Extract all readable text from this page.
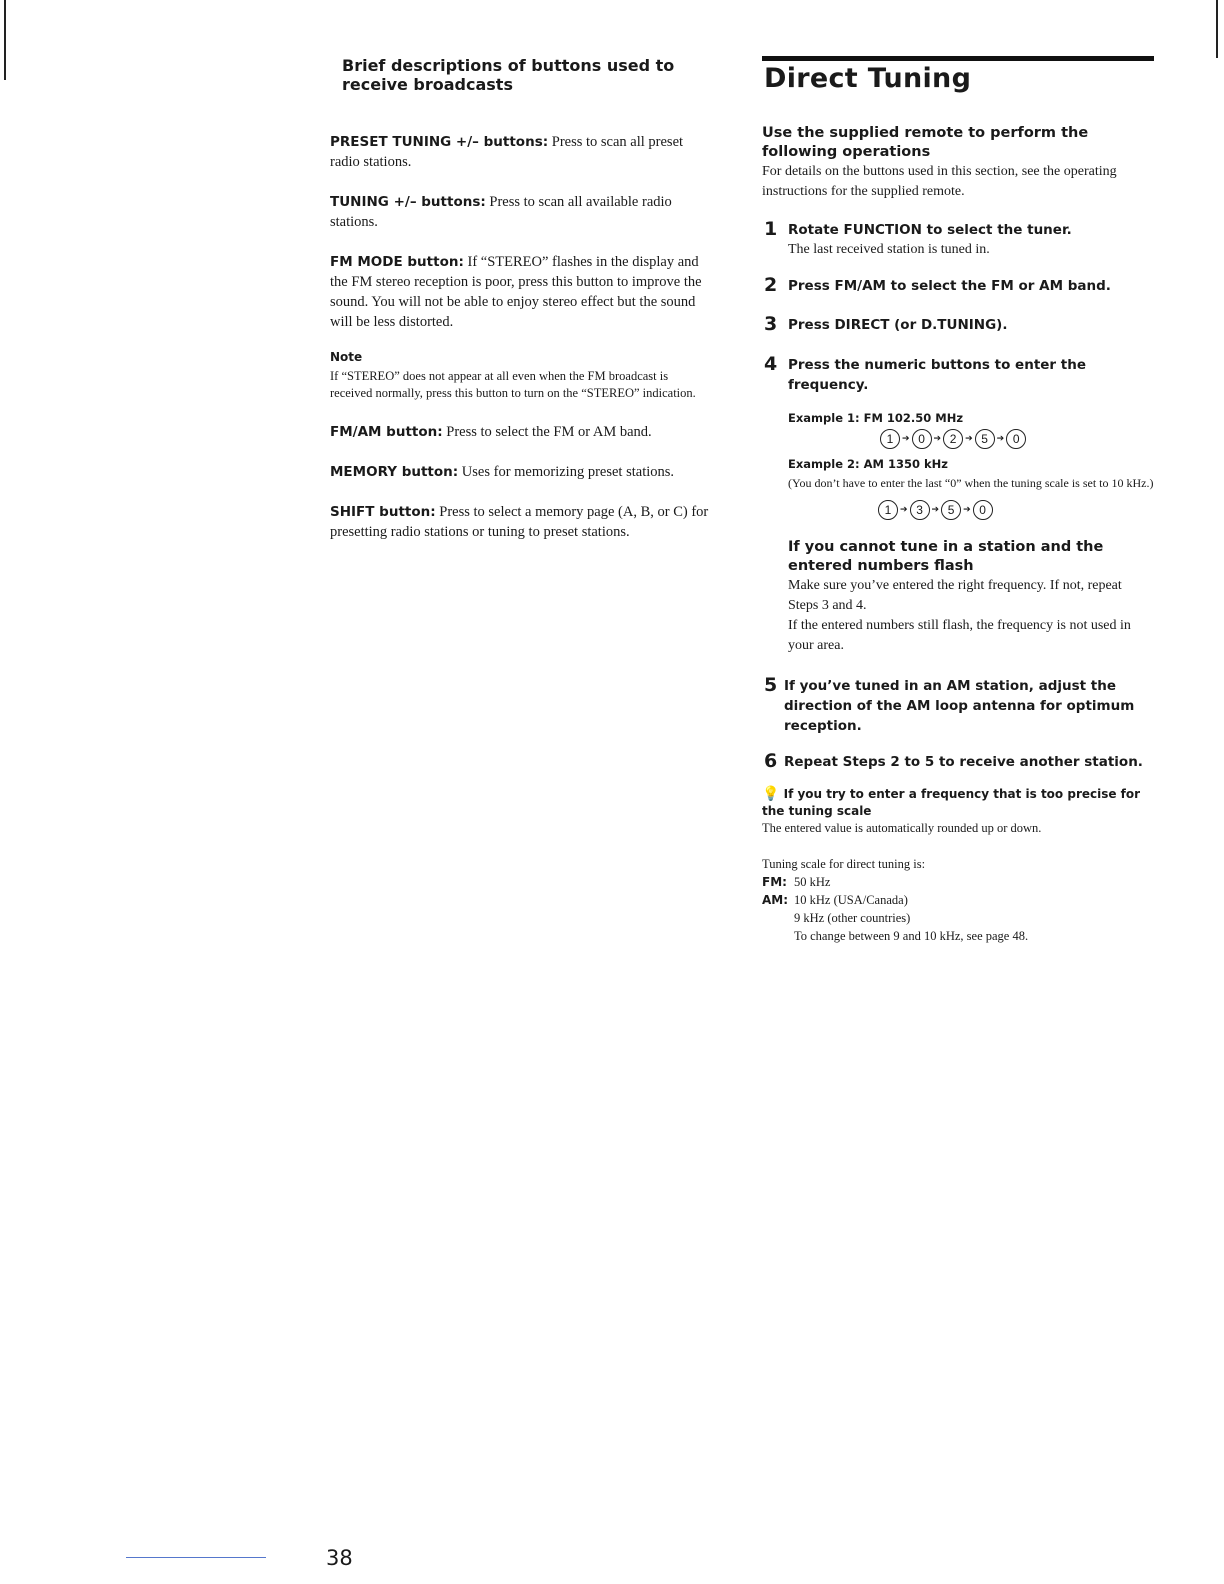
Brief descriptions of buttons used to receive broadcasts

PRESET TUNING +/– buttons: Press to scan all preset radio stations.

TUNING +/– buttons: Press to scan all available radio stations.

FM MODE button: If “STEREO” flashes in the display and the FM stereo reception is poor, press this button to improve the sound. You will not be able to enjoy stereo effect but the sound will be less distorted.

Note

If “STEREO” does not appear at all even when the FM broadcast is received normally, press this button to turn on the “STEREO” indication.

FM/AM button: Press to select the FM or AM band.

MEMORY button: Uses for memorizing preset stations.

SHIFT button: Press to select a memory page (A, B, or C) for presetting radio stations or tuning to preset stations.

Direct Tuning

Use the supplied remote to perform the following operations

For details on the buttons used in this section, see the operating instructions for the supplied remote.

1 Rotate FUNCTION to select the tuner.

The last received station is tuned in.

2 Press FM/AM to select the FM or AM band.

3 Press DIRECT (or D.TUNING).

4 Press the numeric buttons to enter the frequency.

Example 1: FM 102.50 MHz

1 ➔ 0 ➔ 2 ➔ 5 ➔ 0

Example 2: AM 1350 kHz

(You don’t have to enter the last “0” when the tuning scale is set to 10 kHz.)

1 ➔ 3 ➔ 5 ➔ 0

If you cannot tune in a station and the entered numbers flash

Make sure you’ve entered the right frequency. If not, repeat Steps 3 and 4.

If the entered numbers still flash, the frequency is not used in your area.

5 If you’ve tuned in an AM station, adjust the direction of the AM loop antenna for optimum reception.

6 Repeat Steps 2 to 5 to receive another station.

💡 If you try to enter a frequency that is too precise for the tuning scale

The entered value is automatically rounded up or down.

Tuning scale for direct tuning is:
FM: 50 kHz
AM: 10 kHz (USA/Canada)
9 kHz (other countries)
To change between 9 and 10 kHz, see page 48.
38
